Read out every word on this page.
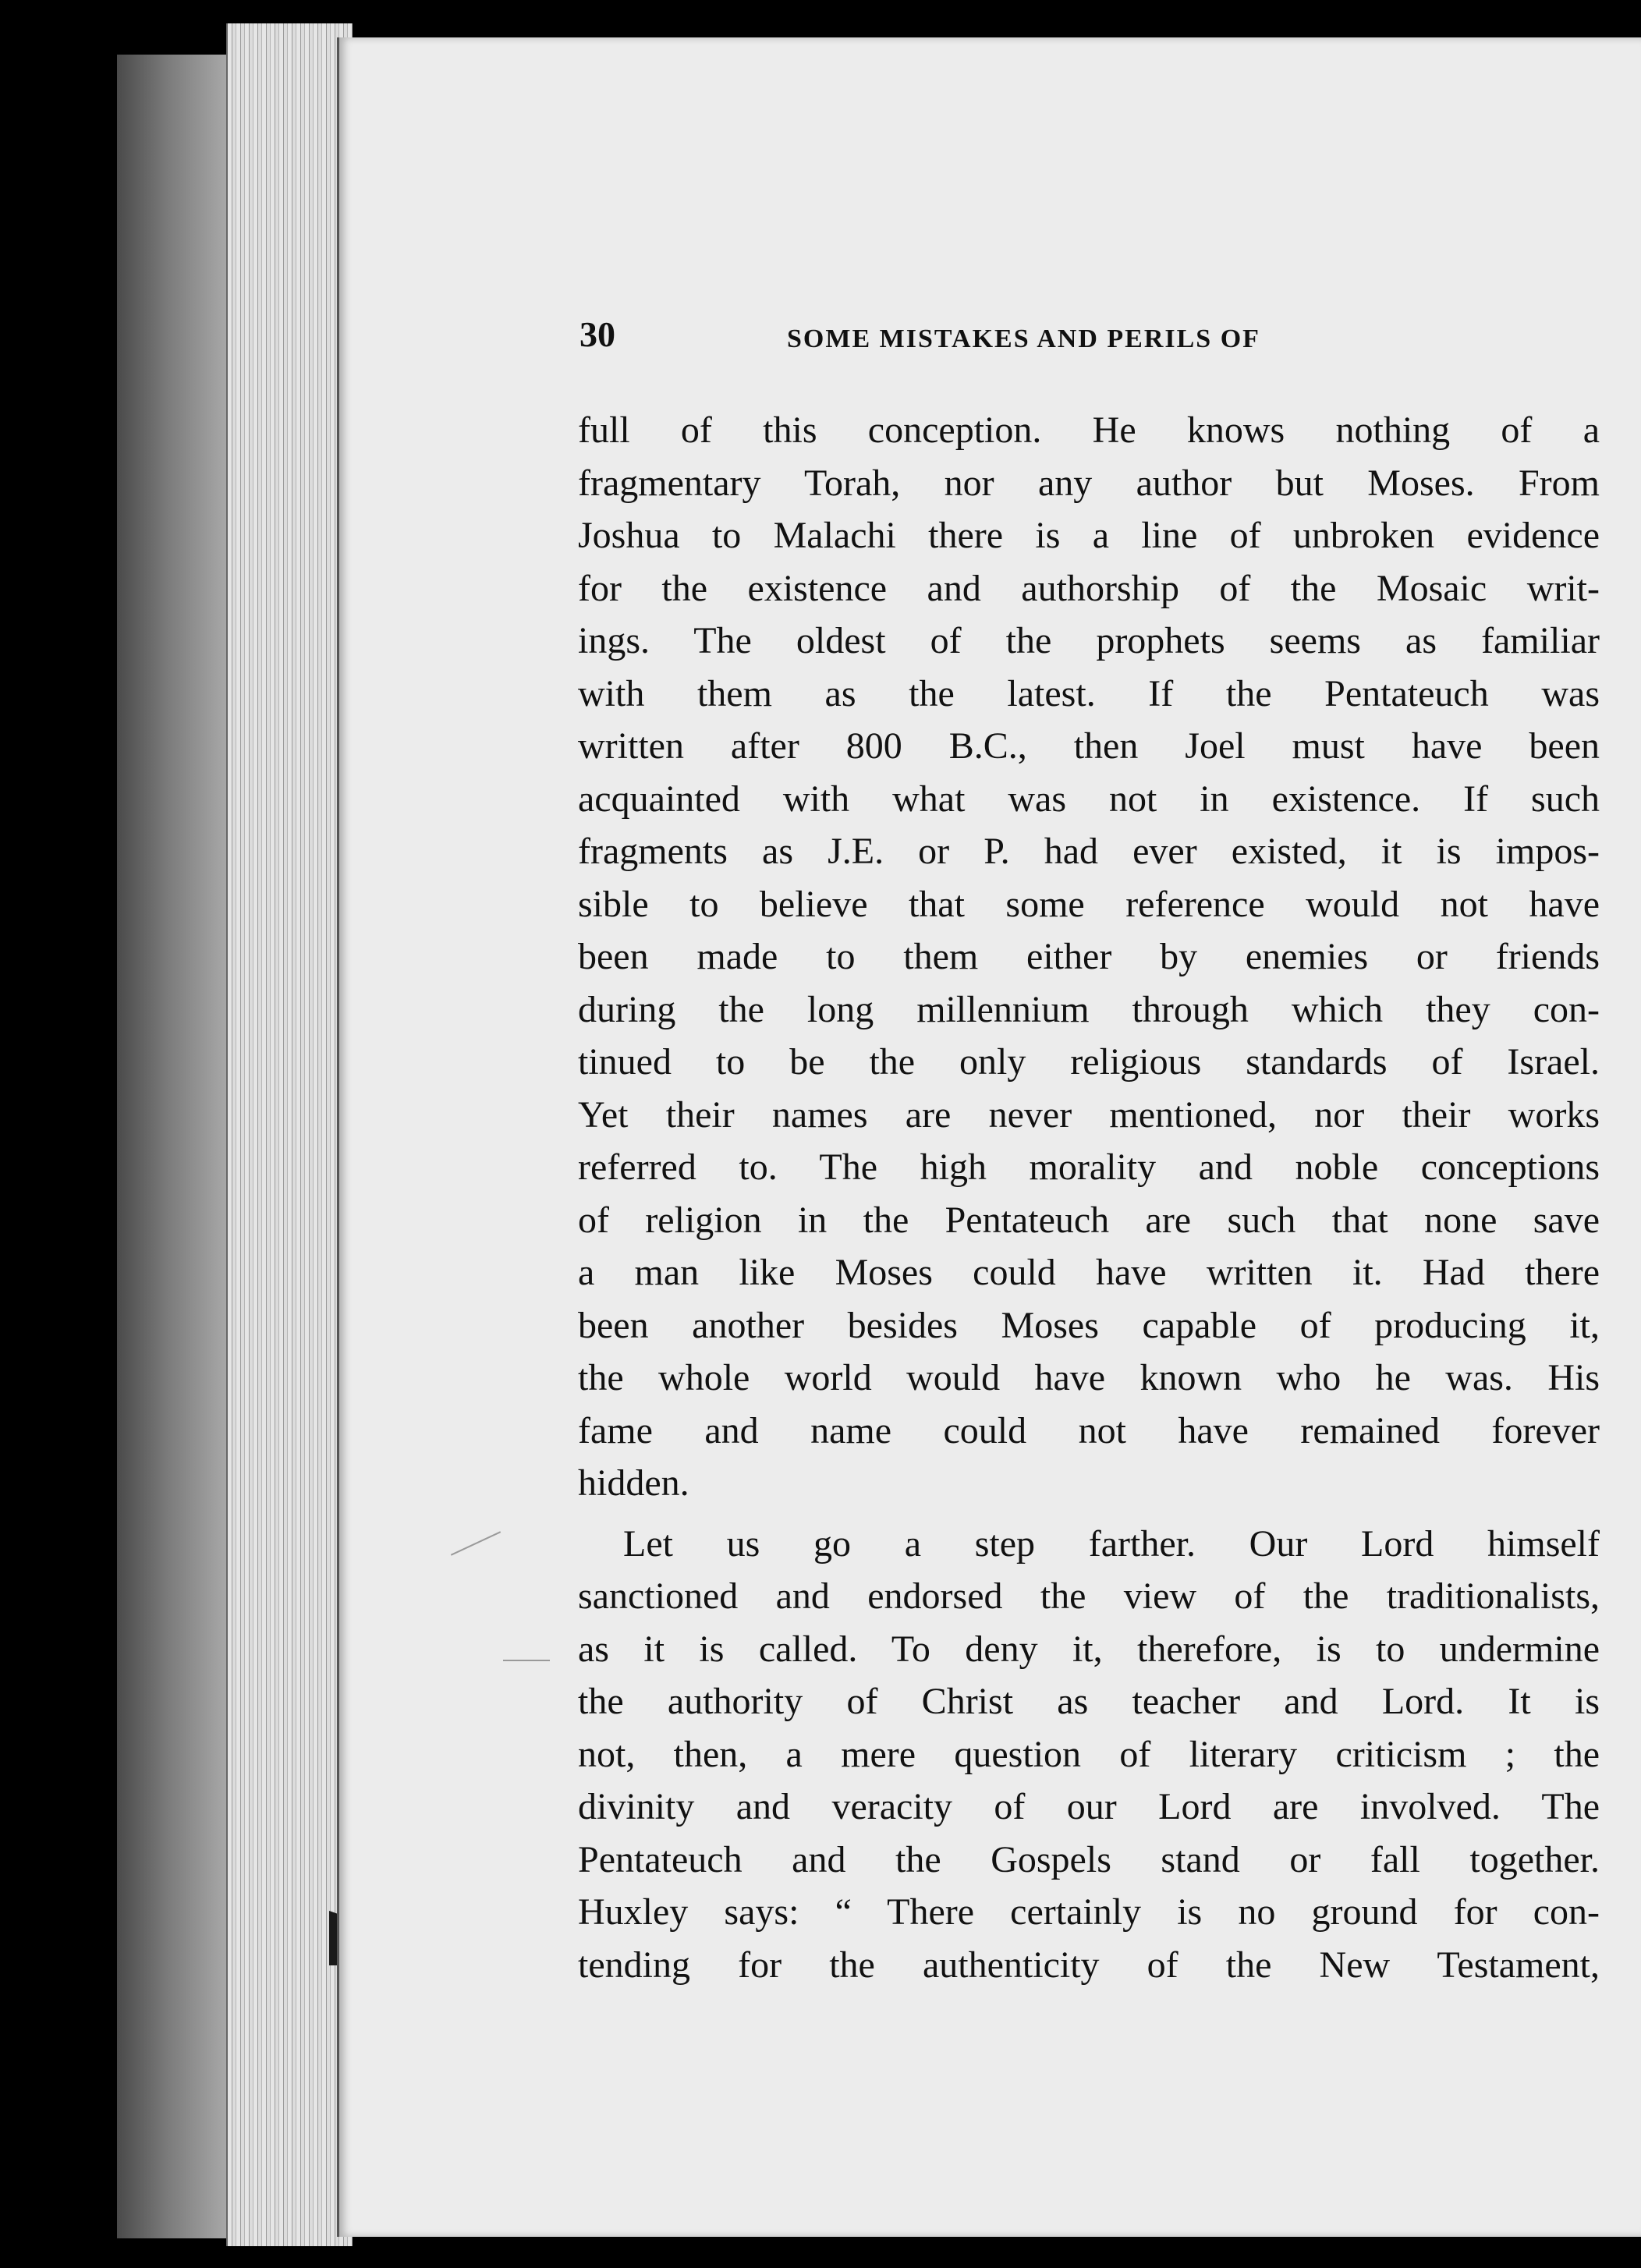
30	SOME MISTAKES AND PERILS OF
full of this conception. He knows nothing of a
fragmentary Torah, nor any author but Moses. From
Joshua to Malachi there is a line of unbroken evidence
for the existence and authorship of the Mosaic writ-
ings. The oldest of the prophets seems as familiar
with them as the latest. If the Pentateuch was
written after 800 B.C., then Joel must have been
acquainted with what was not in existence. If such
fragments as J.E. or P. had ever existed, it is impos-
sible to believe that some reference would not have
been made to them either by enemies or friends
during the long millennium through which they con-
tinued to be the only religious standards of Israel.
Yet their names are never mentioned, nor their works
referred to. The high morality and noble conceptions
of religion in the Pentateuch are such that none save
a man like Moses could have written it. Had there
been another besides Moses capable of producing it,
the whole world would have known who he was. His
fame and name could not have remained forever
hidden.
Let us go a step farther. Our Lord himself
sanctioned and endorsed the view of the traditionalists,
as it is called. To deny it, therefore, is to undermine
the authority of Christ as teacher and Lord. It is
not, then, a mere question of literary criticism ; the
divinity and veracity of our Lord are involved. The
Pentateuch and the Gospels stand or fall together.
Huxley says: “ There certainly is no ground for con-
tending for the authenticity of the New Testament,
